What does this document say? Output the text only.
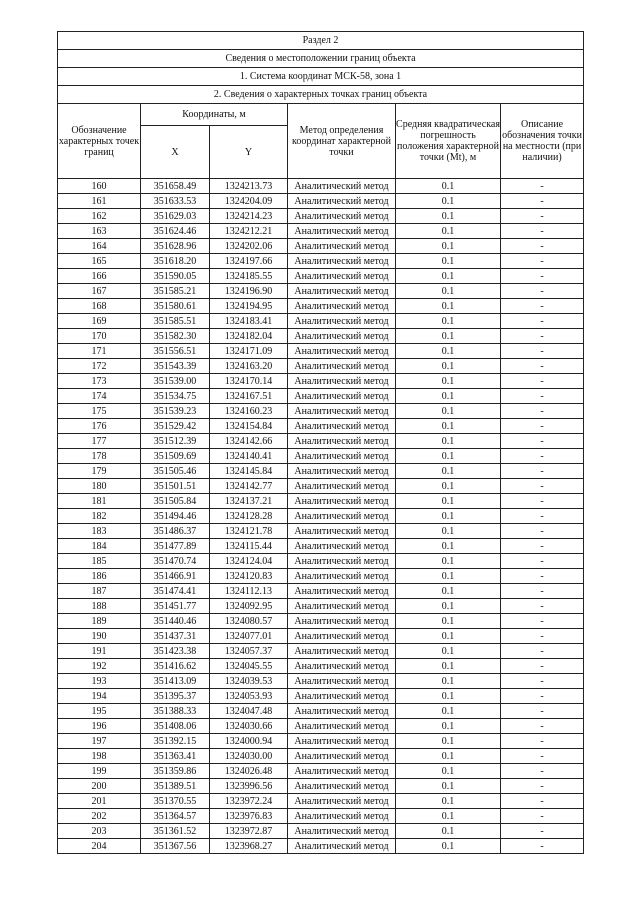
Раздел 2					
Сведения о местоположении границ объекта					
1. Система координат МСК-58, зона 1					
2. Сведения о характерных точках границ объекта					
Обозначение характерных точек границ	Координаты, м		Метод определения координат характерной точки	Средняя квадратическая погрешность положения характерной точки (Mt), м	Описание обозначения точки на местности (при наличии)
	X	Y			
160	351658.49	1324213.73	Аналитический метод	0.1	-
161	351633.53	1324204.09	Аналитический метод	0.1	-
162	351629.03	1324214.23	Аналитический метод	0.1	-
163	351624.46	1324212.21	Аналитический метод	0.1	-
164	351628.96	1324202.06	Аналитический метод	0.1	-
165	351618.20	1324197.66	Аналитический метод	0.1	-
166	351590.05	1324185.55	Аналитический метод	0.1	-
167	351585.21	1324196.90	Аналитический метод	0.1	-
168	351580.61	1324194.95	Аналитический метод	0.1	-
169	351585.51	1324183.41	Аналитический метод	0.1	-
170	351582.30	1324182.04	Аналитический метод	0.1	-
171	351556.51	1324171.09	Аналитический метод	0.1	-
172	351543.39	1324163.20	Аналитический метод	0.1	-
173	351539.00	1324170.14	Аналитический метод	0.1	-
174	351534.75	1324167.51	Аналитический метод	0.1	-
175	351539.23	1324160.23	Аналитический метод	0.1	-
176	351529.42	1324154.84	Аналитический метод	0.1	-
177	351512.39	1324142.66	Аналитический метод	0.1	-
178	351509.69	1324140.41	Аналитический метод	0.1	-
179	351505.46	1324145.84	Аналитический метод	0.1	-
180	351501.51	1324142.77	Аналитический метод	0.1	-
181	351505.84	1324137.21	Аналитический метод	0.1	-
182	351494.46	1324128.28	Аналитический метод	0.1	-
183	351486.37	1324121.78	Аналитический метод	0.1	-
184	351477.89	1324115.44	Аналитический метод	0.1	-
185	351470.74	1324124.04	Аналитический метод	0.1	-
186	351466.91	1324120.83	Аналитический метод	0.1	-
187	351474.41	1324112.13	Аналитический метод	0.1	-
188	351451.77	1324092.95	Аналитический метод	0.1	-
189	351440.46	1324080.57	Аналитический метод	0.1	-
190	351437.31	1324077.01	Аналитический метод	0.1	-
191	351423.38	1324057.37	Аналитический метод	0.1	-
192	351416.62	1324045.55	Аналитический метод	0.1	-
193	351413.09	1324039.53	Аналитический метод	0.1	-
194	351395.37	1324053.93	Аналитический метод	0.1	-
195	351388.33	1324047.48	Аналитический метод	0.1	-
196	351408.06	1324030.66	Аналитический метод	0.1	-
197	351392.15	1324000.94	Аналитический метод	0.1	-
198	351363.41	1324030.00	Аналитический метод	0.1	-
199	351359.86	1324026.48	Аналитический метод	0.1	-
200	351389.51	1323996.56	Аналитический метод	0.1	-
201	351370.55	1323972.24	Аналитический метод	0.1	-
202	351364.57	1323976.83	Аналитический метод	0.1	-
203	351361.52	1323972.87	Аналитический метод	0.1	-
204	351367.56	1323968.27	Аналитический метод	0.1	-
